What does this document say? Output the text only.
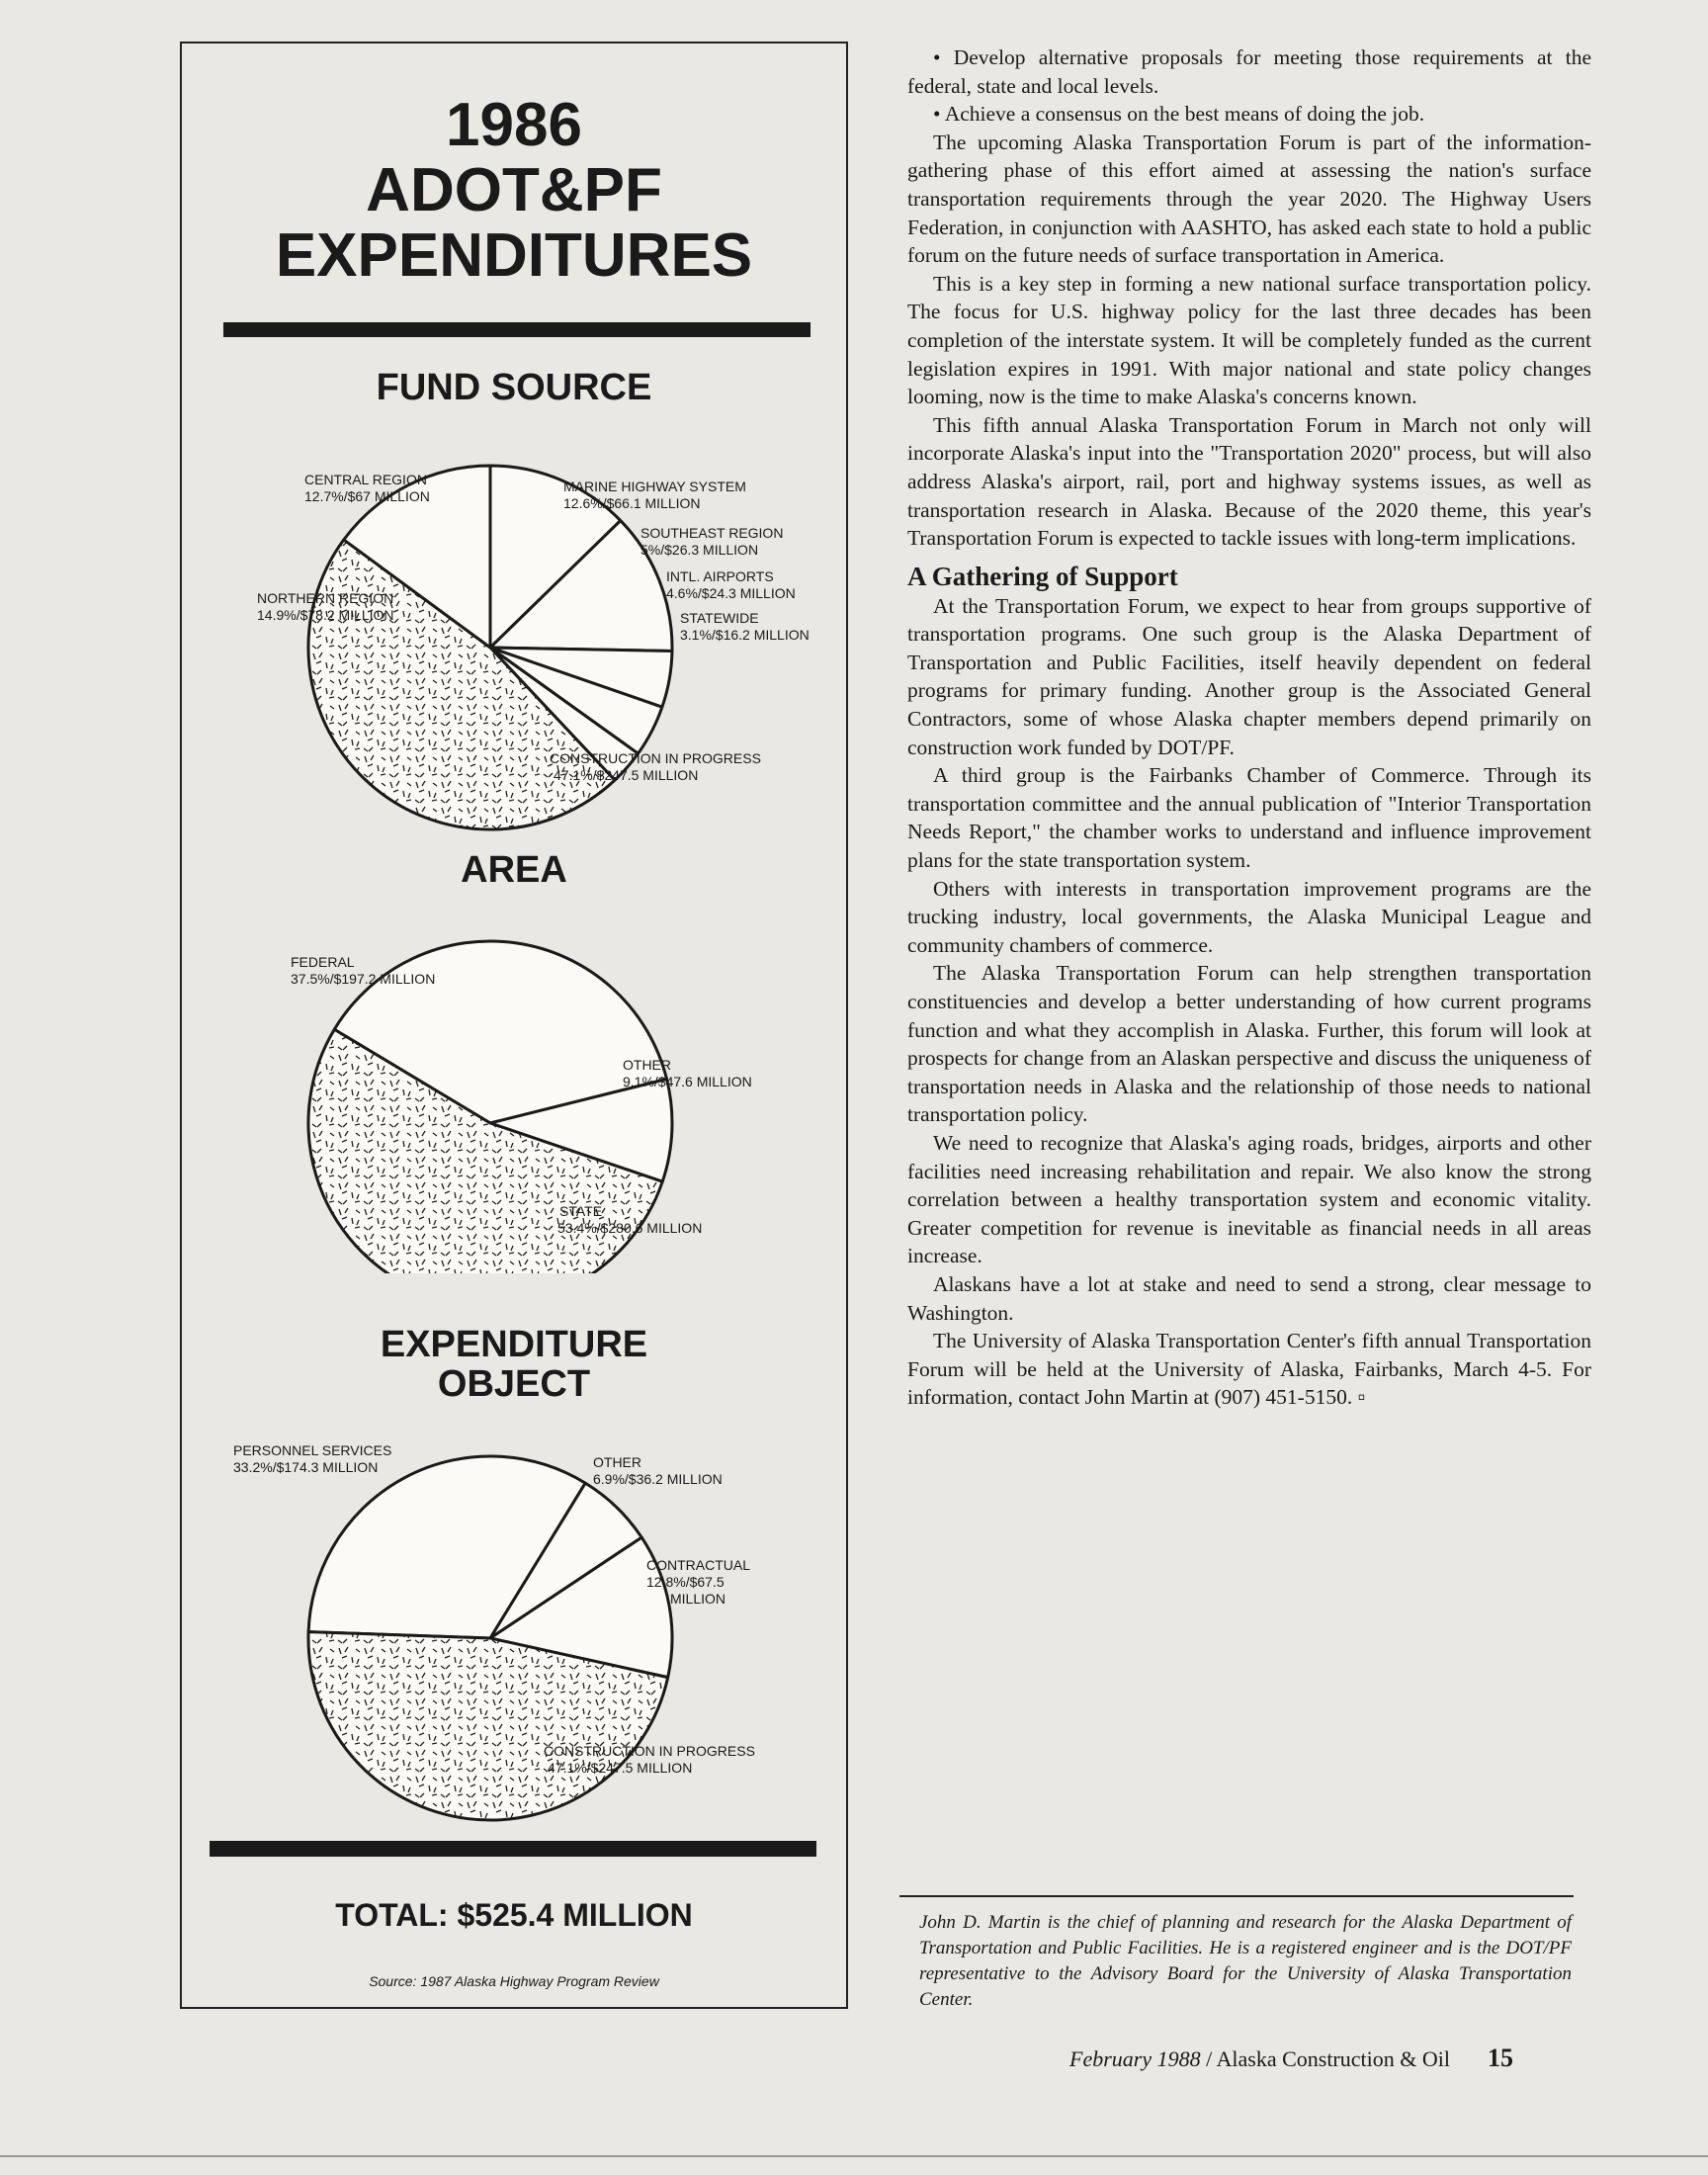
1986
ADOT&PF
EXPENDITURES
FUND SOURCE
CENTRAL REGION
12.7%/$67 MILLION
MARINE HIGHWAY SYSTEM
12.6%/$66.1 MILLION
SOUTHEAST REGION
5%/$26.3 MILLION
INTL. AIRPORTS
4.6%/$24.3 MILLION
STATEWIDE
3.1%/$16.2 MILLION
CONSTRUCTION IN PROGRESS
47.1%/$247.5 MILLION
NORTHERN REGION
14.9%/$78.2 MILLION
AREA
FEDERAL
37.5%/$197.2 MILLION
OTHER
9.1%/$47.6 MILLION
STATE
53.4%/$280.6 MILLION
EXPENDITURE
OBJECT
PERSONNEL SERVICES
33.2%/$174.3 MILLION	OTHER
6.9%/$36.2 MILLION
CONTRACTUAL
12.8%/$67.5
MILLION
CONSTRUCTION IN PROGRESS
47.1%/$247.5 MILLION
TOTAL: $525.4 MILLION
Source: 1987 Alaska Highway Program Review

• Develop alternative proposals for meeting those requirements at the federal, state and local levels.

• Achieve a consensus on the best means of doing the job.

The upcoming Alaska Transportation Forum is part of the information-gathering phase of this effort aimed at assessing the nation's surface transportation requirements through the year 2020. The Highway Users Federation, in conjunction with AASHTO, has asked each state to hold a public forum on the future needs of surface transportation in America.

This is a key step in forming a new national surface transportation policy. The focus for U.S. highway policy for the last three decades has been completion of the interstate system. It will be completely funded as the current legislation expires in 1991. With major national and state policy changes looming, now is the time to make Alaska's concerns known.

This fifth annual Alaska Transportation Forum in March not only will incorporate Alaska's input into the "Transportation 2020" process, but will also address Alaska's airport, rail, port and highway systems issues, as well as transportation research in Alaska. Because of the 2020 theme, this year's Transportation Forum is expected to tackle issues with long-term implications.

A Gathering of Support

At the Transportation Forum, we expect to hear from groups supportive of transportation programs. One such group is the Alaska Department of Transportation and Public Facilities, itself heavily dependent on federal programs for primary funding. Another group is the Associated General Contractors, some of whose Alaska chapter members depend primarily on construction work funded by DOT/PF.

A third group is the Fairbanks Chamber of Commerce. Through its transportation committee and the annual publication of "Interior Transportation Needs Report," the chamber works to understand and influence improvement plans for the state transportation system.

Others with interests in transportation improvement programs are the trucking industry, local governments, the Alaska Municipal League and community chambers of commerce.

The Alaska Transportation Forum can help strengthen transportation constituencies and develop a better understanding of how current programs function and what they accomplish in Alaska. Further, this forum will look at prospects for change from an Alaskan perspective and discuss the uniqueness of transportation needs in Alaska and the relationship of those needs to national transportation policy.

We need to recognize that Alaska's aging roads, bridges, airports and other facilities need increasing rehabilitation and repair. We also know the strong correlation between a healthy transportation system and economic vitality. Greater competition for revenue is inevitable as financial needs in all areas increase.

Alaskans have a lot at stake and need to send a strong, clear message to Washington.

The University of Alaska Transportation Center's fifth annual Transportation Forum will be held at the University of Alaska, Fairbanks, March 4-5. For information, contact John Martin at (907) 451-5150. ▫

John D. Martin is the chief of planning and research for the Alaska Department of Transportation and Public Facilities. He is a registered engineer and is the DOT/PF representative to the Advisory Board for the University of Alaska Transportation Center.
February 1988 / Alaska Construction & Oil 15
